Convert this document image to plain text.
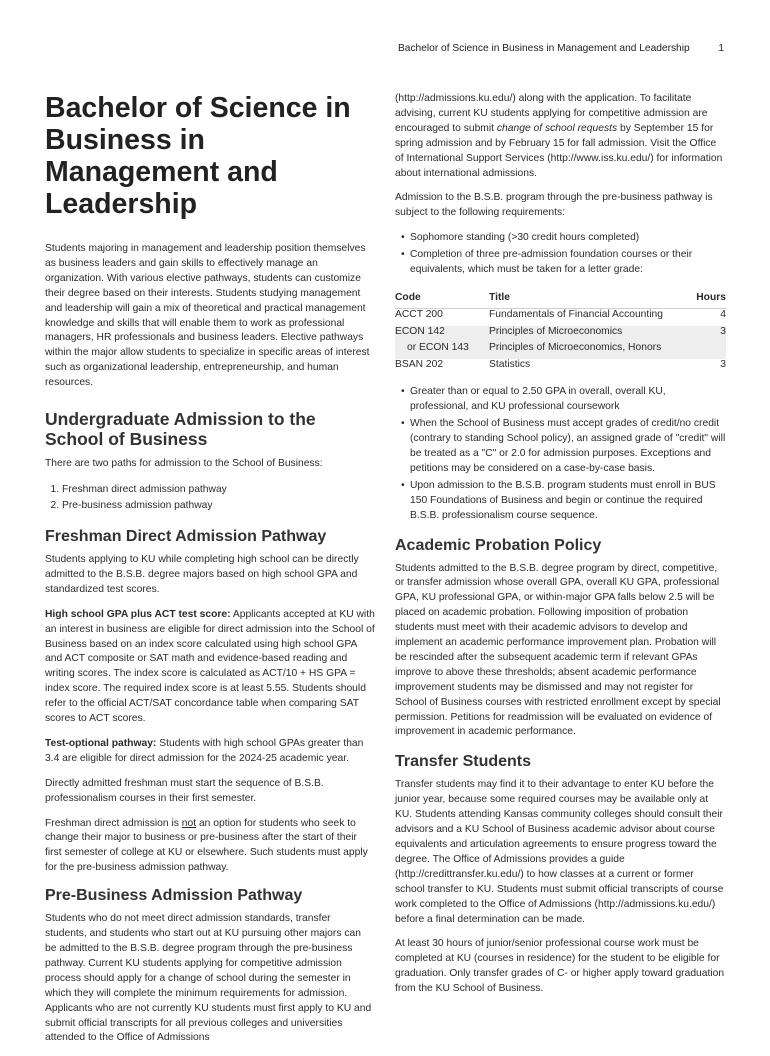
Bachelor of Science in Business in Management and Leadership	1
Bachelor of Science in Business in Management and Leadership

Students majoring in management and leadership position themselves as business leaders and gain skills to effectively manage an organization. With various elective pathways, students can customize their degree based on their interests. Students studying management and leadership will gain a mix of theoretical and practical management knowledge and skills that will enable them to work as professional managers, HR professionals and business leaders. Elective pathways within the major allow students to specialize in specific areas of interest such as organizational leadership, entrepreneurship, and human resources.

Undergraduate Admission to the School of Business

There are two paths for admission to the School of Business:

1. Freshman direct admission pathway
2. Pre-business admission pathway
Freshman Direct Admission Pathway

Students applying to KU while completing high school can be directly admitted to the B.S.B. degree majors based on high school GPA and standardized test scores.

High school GPA plus ACT test score: Applicants accepted at KU with an interest in business are eligible for direct admission into the School of Business based on an index score calculated using high school GPA and ACT composite or SAT math and evidence-based reading and writing scores. The index score is calculated as ACT/10 + HS GPA = index score. The required index score is at least 5.55. Students should refer to the official ACT/SAT concordance table when comparing SAT scores to ACT scores.

Test-optional pathway: Students with high school GPAs greater than 3.4 are eligible for direct admission for the 2024-25 academic year.

Directly admitted freshman must start the sequence of B.S.B. professionalism courses in their first semester.

Freshman direct admission is not an option for students who seek to change their major to business or pre-business after the start of their first semester of college at KU or elsewhere. Such students must apply for the pre-business admission pathway.

Pre-Business Admission Pathway

Students who do not meet direct admission standards, transfer students, and students who start out at KU pursuing other majors can be admitted to the B.S.B. degree program through the pre-business pathway. Current KU students applying for competitive admission process should apply for a change of school during the semester in which they will complete the minimum requirements for admission. Applicants who are not currently KU students must first apply to KU and submit official transcripts for all previous colleges and universities attended to the Office of Admissions

(http://admissions.ku.edu/) along with the application. To facilitate advising, current KU students applying for competitive admission are encouraged to submit change of school requests by September 15 for spring admission and by February 15 for fall admission. Visit the Office of International Support Services (http://www.iss.ku.edu/) for information about international admissions.

Admission to the B.S.B. program through the pre-business pathway is subject to the following requirements:

• Sophomore standing (>30 credit hours completed)
• Completion of three pre-admission foundation courses or their equivalents, which must be taken for a letter grade:
Code	Title	Hours
ACCT 200	Fundamentals of Financial Accounting	4
ECON 142	Principles of Microeconomics	3
or ECON 143	Principles of Microeconomics, Honors	
BSAN 202	Statistics	3
• Greater than or equal to 2.50 GPA in overall, overall KU, professional, and KU professional coursework
• When the School of Business must accept grades of credit/no credit (contrary to standing School policy), an assigned grade of "credit" will be treated as a "C" or 2.0 for admission purposes. Exceptions and petitions may be considered on a case-by-case basis.
• Upon admission to the B.S.B. program students must enroll in BUS 150 Foundations of Business and begin or continue the required B.S.B. professionalism course sequence.
Academic Probation Policy

Students admitted to the B.S.B. degree program by direct, competitive, or transfer admission whose overall GPA, overall KU GPA, professional GPA, KU professional GPA, or within-major GPA falls below 2.5 will be placed on academic probation. Following imposition of probation students must meet with their academic advisors to develop and implement an academic performance improvement plan. Probation will be rescinded after the subsequent academic term if relevant GPAs improve to above these thresholds; absent academic performance improvement students may be dismissed and may not register for School of Business courses with restricted enrollment except by special permission. Petitions for readmission will be evaluated on evidence of improvement in academic performance.

Transfer Students

Transfer students may find it to their advantage to enter KU before the junior year, because some required courses may be available only at KU. Students attending Kansas community colleges should consult their advisors and a KU School of Business academic advisor about course equivalents and articulation agreements to ensure progress toward the degree. The Office of Admissions provides a guide (http://credittransfer.ku.edu/) to how classes at a current or former school transfer to KU. Students must submit official transcripts of course work completed to the Office of Admissions (http://admissions.ku.edu/) before a final determination can be made.

At least 30 hours of junior/senior professional course work must be completed at KU (courses in residence) for the student to be eligible for graduation. Only transfer grades of C- or higher apply toward graduation from the KU School of Business.
